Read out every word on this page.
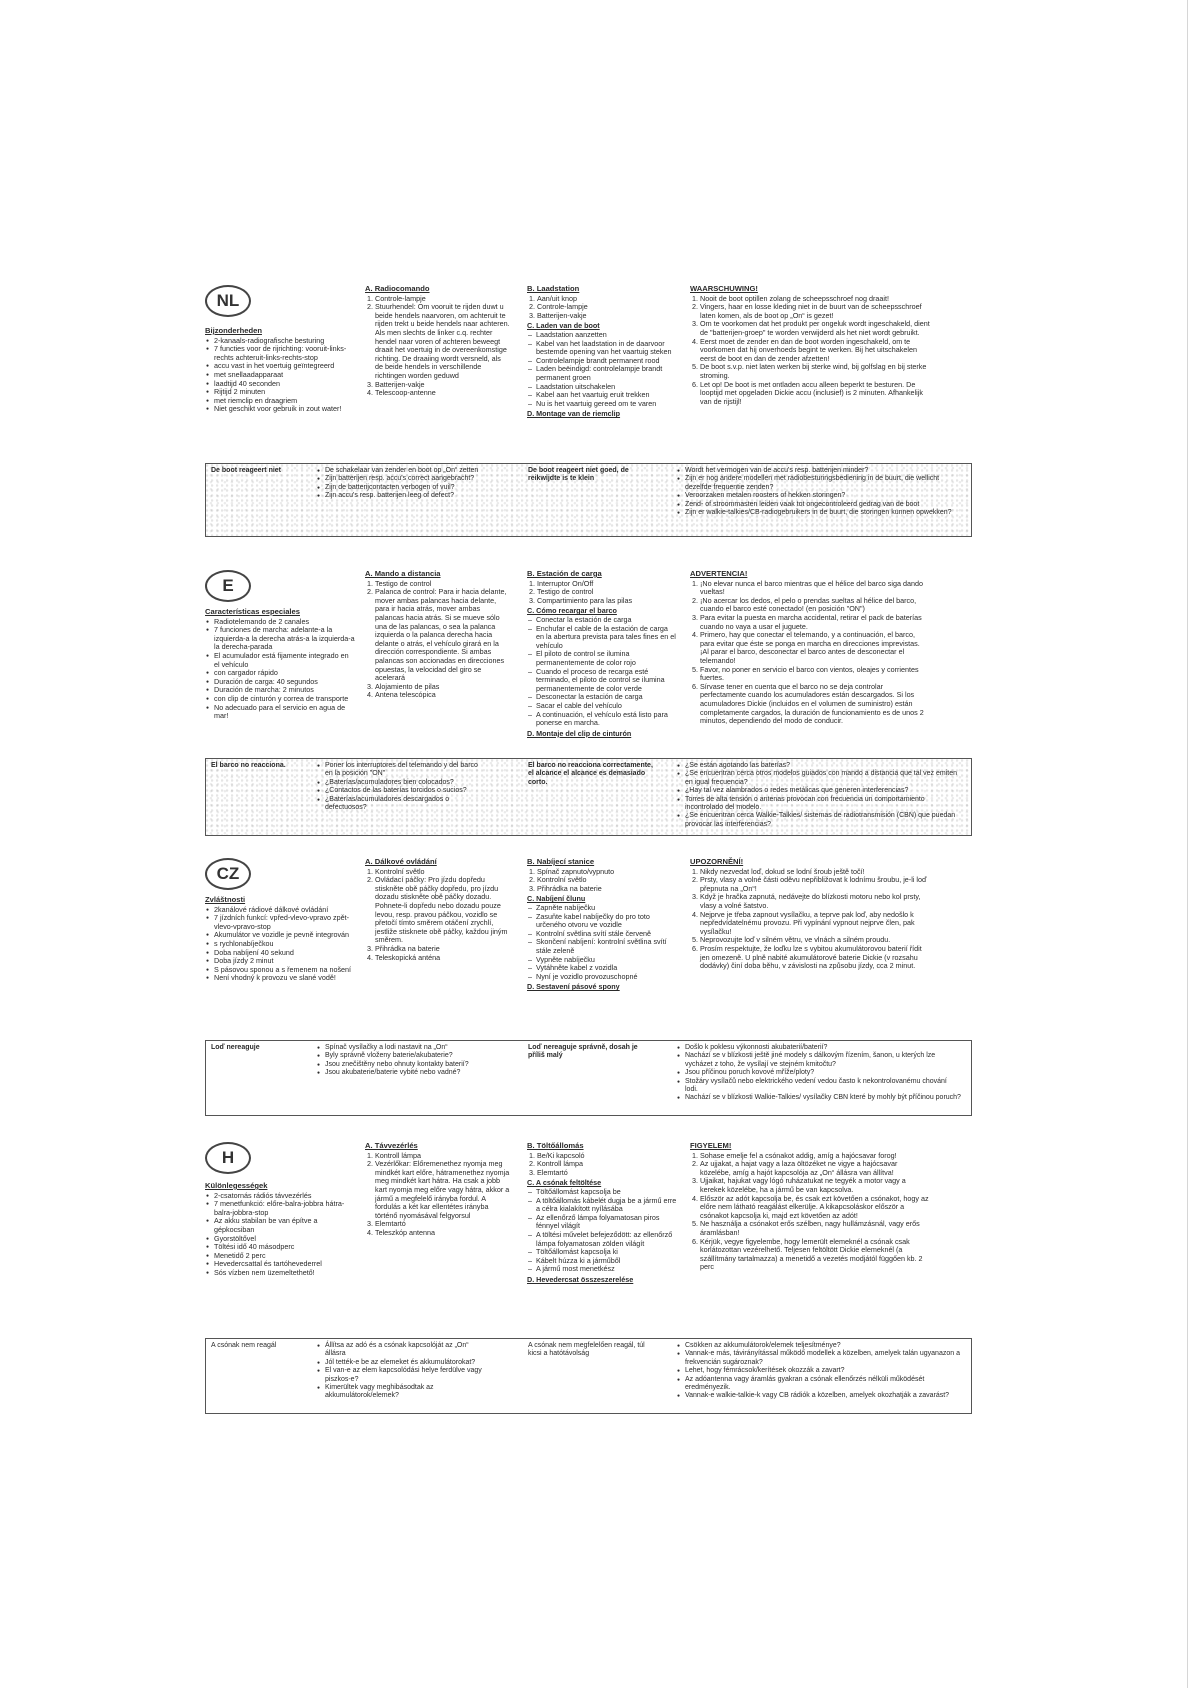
NL
Bijzonderheden
● 2-kanaals-radiografische besturing
● 7 functies voor de rijrichting: vooruit-links-rechts achteruit-links-rechts-stop
● accu vast in het voertuig geïntegreerd
● met snellaadapparaat
● laadtijd 40 seconden
● Rijtijd 2 minuten
● met riemclip en draagriem
● Niet geschikt voor gebruik in zout water!
A. Radiocomando
1. Controle-lampje
2. Stuurhendel: Om vooruit te rijden duwt u beide hendels naarvoren, om achteruit te rijden trekt u beide hendels naar achteren. Als men slechts de linker c.q. rechter hendel naar voren of achteren beweegt draait het voertuig in de overeenkomstige richting. De draaiing wordt versneld, als de beide hendels in verschillende richtingen worden geduwd
3. Batterijen-vakje
4. Telescoop-antenne
B. Laadstation
1. Aan/uit knop
2. Controle-lampje
3. Batterijen-vakje
C. Laden van de boot
– Laadstation aanzetten
– Kabel van het laadstation in de daarvoor bestemde opening van het vaartuig steken
– Controlelampje brandt permanent rood
– Laden beëindigd: controlelampje brandt permanent groen
– Laadstation uitschakelen
– Kabel aan het vaartuig eruit trekken
– Nu is het vaartuig gereed om te varen
D. Montage van de riemclip
WAARSCHUWING!
1. Nooit de boot optillen zolang de scheepsschroef nog draait!
2. Vingers, haar en losse kleding niet in de buurt van de scheepsschroef laten komen, als de boot op „On“ is gezet!
3. Om te voorkomen dat het produkt per ongeluk wordt ingeschakeld, dient de "batterijen-groep" te worden verwijderd als het niet wordt gebruikt.
4. Eerst moet de zender en dan de boot worden ingeschakeld, om te voorkomen dat hij onverhoeds begint te werken. Bij het uitschakelen eerst de boot en dan de zender afzetten!
5. De boot s.v.p. niet laten werken bij sterke wind, bij golfslag en bij sterke stroming.
6. Let op! De boot is met ontladen accu alleen beperkt te besturen. De looptijd met opgeladen Dickie accu (inclusief) is 2 minuten. Afhankelijk van de rijstijl!
De boot reageert niet	● De schakelaar van zender en boot op „On“ zetten
● Zijn batterijen resp. accu's correct aangebracht?
● Zijn de batterijcontacten verbogen of vuil?
● Zijn accu's resp. batterijen leeg of defect?
De boot reageert niet goed, de reikwijdte is te klein
● Wordt het vermogen van de accu's resp. batterijen minder?
● Zijn er nog andere modellen met radiobesturingsbediening in de buurt, die wellicht dezelfde frequentie zenden?
● Veroorzaken metalen roosters of hekken storingen?
● Zend- of stroommasten leiden vaak tot ongecontroleerd gedrag van de boot
● Zijn er walkie-talkies/CB-radiogebruikers in de buurt, die storingen kunnen opwekken?
E
Características especiales
● Radiotelemando de 2 canales
● 7 funciones de marcha: adelante-a la izquierda-a la derecha atrás-a la izquierda-a la derecha-parada
● El acumulador está fijamente integrado en el vehículo
● con cargador rápido
● Duración de carga: 40 segundos
● Duración de marcha: 2 minutos
● con clip de cinturón y correa de transporte
● No adecuado para el servicio en agua de mar!
A. Mando a distancia
1. Testigo de control
2. Palanca de control: Para ir hacia delante, mover ambas palancas hacia delante, para ir hacia atrás, mover ambas palancas hacia atrás. Si se mueve sólo una de las palancas, o sea la palanca izquierda o la palanca derecha hacia delante o atrás, el vehículo girará en la dirección correspondiente. Si ambas palancas son accionadas en direcciones opuestas, la velocidad del giro se acelerará
3. Alojamiento de pilas
4. Antena telescópica
B. Estación de carga
1. Interruptor On/Off
2. Testigo de control
3. Compartimiento para las pilas
C. Cómo recargar el barco
– Conectar la estación de carga
– Enchufar el cable de la estación de carga en la abertura prevista para tales fines en el vehículo
– El piloto de control se ilumina permanentemente de color rojo
– Cuando el proceso de recarga esté terminado, el piloto de control se ilumina permanentemente de color verde
– Desconectar la estación de carga
– Sacar el cable del vehículo
– A continuación, el vehículo está listo para ponerse en marcha.
D. Montaje del clip de cinturón
ADVERTENCIA!
1. ¡No elevar nunca el barco mientras que el hélice del barco siga dando vueltas!
2. ¡No acercar los dedos, el pelo o prendas sueltas al hélice del barco, cuando el barco esté conectado! (en posición "ON")
3. Para evitar la puesta en marcha accidental, retirar el pack de baterías cuando no vaya a usar el juguete.
4. Primero, hay que conectar el telemando, y a continuación, el barco, para evitar que éste se ponga en marcha en direcciones imprevistas. ¡Al parar el barco, desconectar el barco antes de desconectar el telemando!
5. Favor, no poner en servicio el barco con vientos, oleajes y corrientes fuertes.
6. Sírvase tener en cuenta que el barco no se deja controlar perfectamente cuando los acumuladores están descargados. Si los acumuladores Dickie (incluidos en el volumen de suministro) están completamente cargados, la duración de funcionamiento es de unos 2 minutos, dependiendo del modo de conducir.
El barco no reacciona.	● Poner los interruptores del telemando y del barco en la posición "ON"
● ¿Baterías/acumuladores bien colocados?
● ¿Contactos de las baterías torcidos o sucios?
● ¿Baterías/acumuladores descargados o defectuosos?
El barco no reacciona correctamente, el alcance el alcance es demasiado corto.
● ¿Se están agotando las baterías?
● ¿Se encuentran cerca otros modelos guiados con mando a distancia que tal vez emiten en igual frecuencia?
● ¿Hay tal vez alambrados o redes metálicas que generen interferencias?
● Torres de alta tensión o antenas provocan con frecuencia un comportamiento incontrolado del modelo.
● ¿Se encuentran cerca Walkie-Talkies/ sistemas de radiotransmisión (CBN) que puedan provocar las interferencias?
CZ
Zvláštnosti
● 2kanálové rádiové dálkové ovládání
● 7 jízdních funkcí: vpřed-vlevo-vpravo zpět-vlevo-vpravo-stop
● Akumulátor ve vozidle je pevně integrován
● s rychlonabíječkou
● Doba nabíjení 40 sekund
● Doba jízdy 2 minut
● S pásovou sponou a s řemenem na nošení
● Není vhodný k provozu ve slané vodě!
A. Dálkové ovládání
1. Kontrolní světlo
2. Ovládací páčky: Pro jízdu dopředu stiskněte obě páčky dopředu, pro jízdu dozadu stiskněte obě páčky dozadu. Pohnete-li dopředu nebo dozadu pouze levou, resp. pravou páčkou, vozidlo se přetočí tímto směrem otáčení zrychlí, jestliže stisknete obě páčky, každou jiným směrem.
3. Přihrádka na baterie
4. Teleskopická anténa
B. Nabíjecí stanice
1. Spínač zapnuto/vypnuto
2. Kontrolní světlo
3. Přihrádka na baterie
C. Nabíjení člunu
– Zapněte nabíječku
– Zasuňte kabel nabíječky do pro toto určeného otvoru ve vozidle
– Kontrolní světlina svítí stále červeně
– Skončení nabíjení: kontrolní světlina svítí stále zeleně
– Vypněte nabíječku
– Vytáhněte kabel z vozidla
– Nyní je vozidlo provozuschopné
D. Sestavení pásové spony
UPOZORNĚNÍ!
1. Nikdy nezvedat loď, dokud se lodní šroub ještě točí!
2. Prsty, vlasy a volné části oděvu nepřibližovat k lodnímu šroubu, je-li loď přepnuta na „On“!
3. Když je hračka zapnutá, nedávejte do blízkosti motoru nebo kol prsty, vlasy a volné šatstvo.
4. Nejprve je třeba zapnout vysílačku, a teprve pak loď, aby nedošlo k nepředvídatelnému provozu. Při vypínání vypnout nejprve člen, pak vysílačku!
5. Neprovozujte loď v silném větru, ve vlnách a silném proudu.
6. Prosím respektujte, že loďku lze s vybitou akumulátorovou baterií řídit jen omezeně. U plně nabité akumulátorové baterie Dickie (v rozsahu dodávky) činí doba běhu, v závislosti na způsobu jízdy, cca 2 minut.
Loď nereaguje	● Spínač vysílačky a lodi nastavit na „On“
● Byly správně vloženy baterie/akubaterie?
● Jsou znečištěny nebo ohnuty kontakty baterií?
● Jsou akubaterie/baterie vybité nebo vadné?
Loď nereaguje správně, dosah je příliš malý
● Došlo k poklesu výkonnosti akubaterií/baterií?
● Nachází se v blízkosti ještě jiné modely s dálkovým řízením, šanon, u kterých lze vycházet z toho, že vysílají ve stejném kmitočtu?
● Jsou příčinou poruch kovové mříže/ploty?
● Stožáry vysílačů nebo elektrického vedení vedou často k nekontrolovanému chování lodi.
● Nachází se v blízkosti Walkie-Talkies/ vysílačky CBN které by mohly být příčinou poruch?
H
Különlegességek
● 2-csatornás rádiós távvezérlés
● 7 menetfunkció: előre-balra-jobbra hátra-balra-jobbra-stop
● Az akku stabilan be van építve a gépkocsiban
● Gyorstöltővel
● Töltési idő 40 másodperc
● Menetidő 2 perc
● Hevedercsattal és tartóhevederrel
● Sós vízben nem üzemeltethető!
A. Távvezérlés
1. Kontroll lámpa
2. Vezérlőkar: Előremenethez nyomja meg mindkét kart előre, hátramenethez nyomja meg mindkét kart hátra. Ha csak a jobb kart nyomja meg előre vagy hátra, akkor a jármű a megfelelő irányba fordul. A fordulás a két kar ellentétes irányba történő nyomásával felgyorsul
3. Elemtartó
4. Teleszkóp antenna
B. Töltőállomás
1. Be/Ki kapcsoló
2. Kontroll lámpa
3. Elemtartó
C. A csónak feltöltése
– Töltőállomást kapcsolja be
– A töltőállomás kábelét dugja be a jármű erre a célra kialakított nyílásába
– Az ellenőrző lámpa folyamatosan piros fénnyel világít
– A töltési művelet befejeződött: az ellenőrző lámpa folyamatosan zölden világít
– Töltőállomást kapcsolja ki
– Kábelt húzza ki a járműből
– A jármű most menetkész
D. Hevedercsat összeszerelése
FIGYELEM!
1. Sohase emelje fel a csónakot addig, amíg a hajócsavar forog!
2. Az ujjakat, a hajat vagy a laza öltözéket ne vigye a hajócsavar közelébe, amíg a hajót kapcsolója az „On“ állásra van állítva!
3. Ujjaikat, hajukat vagy lógó ruházatukat ne tegyék a motor vagy a kerekek közelébe, ha a jármű be van kapcsolva.
4. Először az adót kapcsolja be, és csak ezt követően a csónakot, hogy az előre nem látható reagálást elkerülje. A kikapcsoláskor először a csónakot kapcsolja ki, majd ezt követően az adót!
5. Ne használja a csónakot erős szélben, nagy hullámzásnál, vagy erős áramlásban!
6. Kérjük, vegye figyelembe, hogy lemerült elemeknél a csónak csak korlátozottan vezérelhető. Teljesen feltöltött Dickie elemeknél (a szállítmány tartalmazza) a menetidő a vezetés modjától függően kb. 2 perc
A csónak nem reagál	● Állítsa az adó és a csónak kapcsolóját az „On“ állásra
● Jól tették-e be az elemeket és akkumulátorokat?
● El van-e az elem kapcsolódási helye ferdülve vagy piszkos-e?
● Kimerültek vagy meghibásodtak az akkumulátorok/elemek?
A csónak nem megfelelően reagál, túl kicsi a hatótávolság
● Csökken az akkumulátorok/elemek teljesítménye?
● Vannak-e más, távirányítással működő modellek a közelben, amelyek talán ugyanazon a frekvencián sugároznak?
● Lehet, hogy fémrácsok/kerítések okozzák a zavart?
● Az adóantenna vagy áramlás gyakran a csónak ellenőrzés nélküli működését eredményezik.
● Vannak-e walkie-talkie-k vagy CB rádiók a közelben, amelyek okozhatják a zavarást?
